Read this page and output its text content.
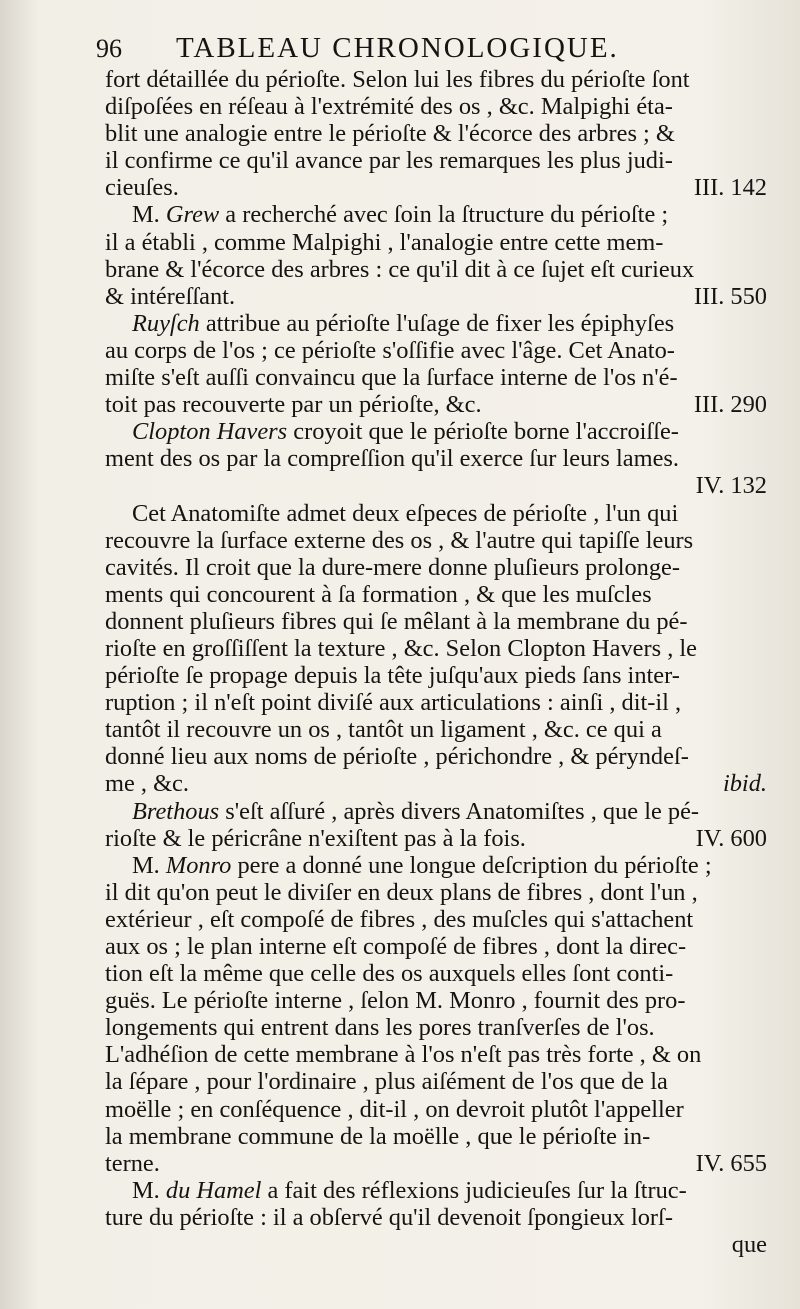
96 TABLEAU CHRONOLOGIQUE.
fort détaillée du périoſte. Selon lui les fibres du périoſte ſont
diſpoſées en réſeau à l'extrémité des os , &c. Malpighi éta-
blit une analogie entre le périoſte & l'écorce des arbres ; &
il confirme ce qu'il avance par les remarques les plus judi-
III. 142
cieuſes.
M. Grew a recherché avec ſoin la ſtructure du périoſte ;
il a établi , comme Malpighi , l'analogie entre cette mem-
brane & l'écorce des arbres : ce qu'il dit à ce ſujet eſt curieux
III. 550
& intéreſſant.
Ruyſch attribue au périoſte l'uſage de fixer les épiphyſes
au corps de l'os ; ce périoſte s'oſſifie avec l'âge. Cet Anato-
miſte s'eſt auſſi convaincu que la ſurface interne de l'os n'é-
III. 290
toit pas recouverte par un périoſte, &c.
Clopton Havers croyoit que le périoſte borne l'accroiſſe-
ment des os par la compreſſion qu'il exerce ſur leurs lames.
IV. 132
Cet Anatomiſte admet deux eſpeces de périoſte , l'un qui
recouvre la ſurface externe des os , & l'autre qui tapiſſe leurs
cavités. Il croit que la dure-mere donne pluſieurs prolonge-
ments qui concourent à ſa formation , & que les muſcles
donnent pluſieurs fibres qui ſe mêlant à la membrane du pé-
rioſte en groſſiſſent la texture , &c. Selon Clopton Havers , le
périoſte ſe propage depuis la tête juſqu'aux pieds ſans inter-
ruption ; il n'eſt point diviſé aux articulations : ainſi , dit-il ,
tantôt il recouvre un os , tantôt un ligament , &c. ce qui a
donné lieu aux noms de périoſte , périchondre , & péryndeſ-
ibid.
me , &c.
Brethous s'eſt aſſuré , après divers Anatomiſtes , que le pé-
IV. 600
rioſte & le péricrâne n'exiſtent pas à la fois.
M. Monro pere a donné une longue deſcription du périoſte ;
il dit qu'on peut le diviſer en deux plans de fibres , dont l'un ,
extérieur , eſt compoſé de fibres , des muſcles qui s'attachent
aux os ; le plan interne eſt compoſé de fibres , dont la direc-
tion eſt la même que celle des os auxquels elles ſont conti-
guës. Le périoſte interne , ſelon M. Monro , fournit des pro-
longements qui entrent dans les pores tranſverſes de l'os.
L'adhéſion de cette membrane à l'os n'eſt pas très forte , & on
la ſépare , pour l'ordinaire , plus aiſément de l'os que de la
moëlle ; en conſéquence , dit-il , on devroit plutôt l'appeller
la membrane commune de la moëlle , que le périoſte in-
IV. 655
terne.
M. du Hamel a fait des réflexions judicieuſes ſur la ſtruc-
ture du périoſte : il a obſervé qu'il devenoit ſpongieux lorſ-
que
